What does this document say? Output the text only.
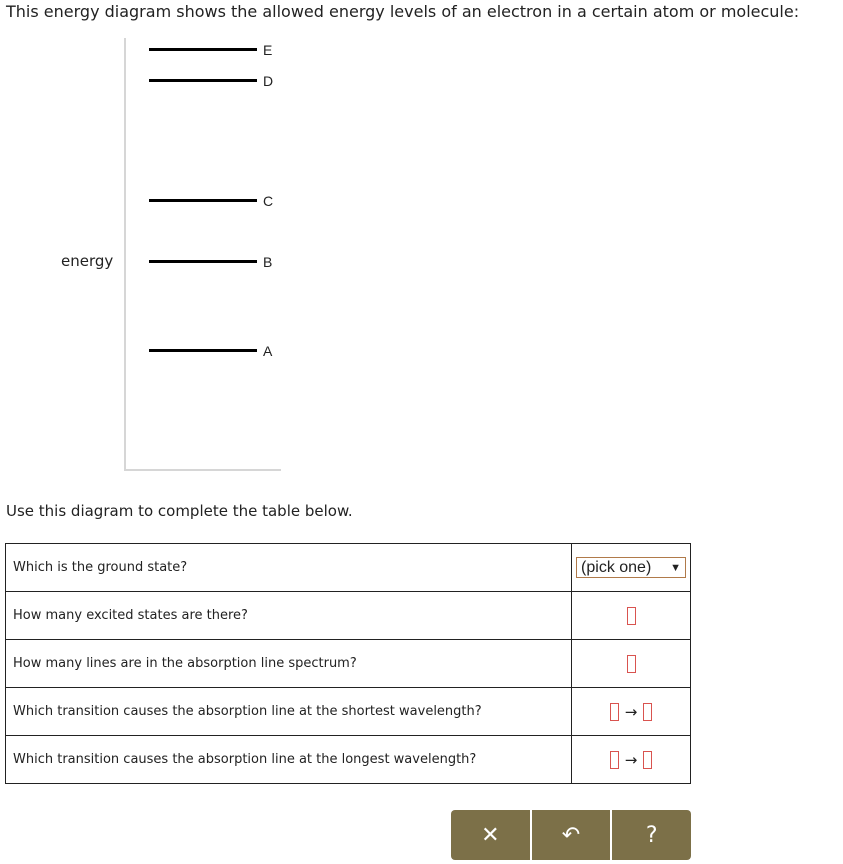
This energy diagram shows the allowed energy levels of an electron in a certain atom or molecule:
energy
E
D
C
B
A
Use this diagram to complete the table below.
Which is the ground state?	(pick one) ▼

How many excited states are there?	
How many lines are in the absorption line spectrum?	
Which transition causes the absorption line at the shortest wavelength?	→
Which transition causes the absorption line at the longest wavelength?	→
✕	↶	?
